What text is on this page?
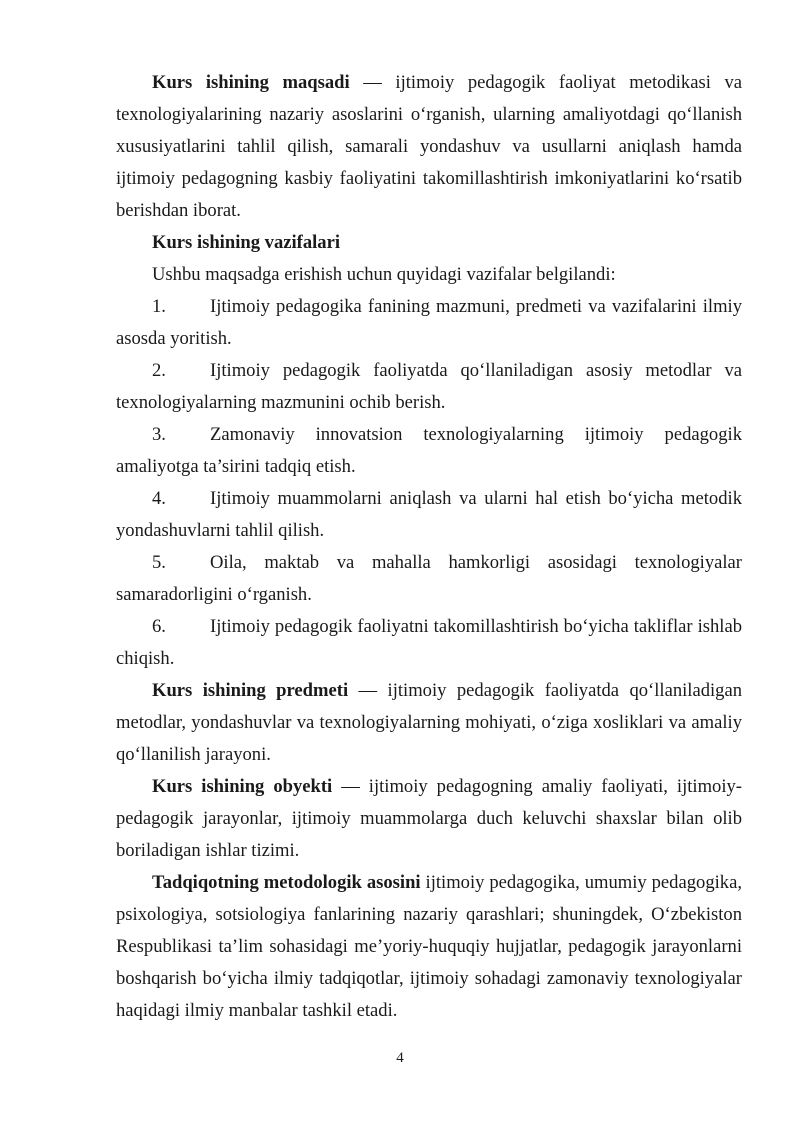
Kurs ishining maqsadi — ijtimoiy pedagogik faoliyat metodikasi va texnologiyalarining nazariy asoslarini o‘rganish, ularning amaliyotdagi qo‘llanish xususiyatlarini tahlil qilish, samarali yondashuv va usullarni aniqlash hamda ijtimoiy pedagogning kasbiy faoliyatini takomillashtirish imkoniyatlarini ko‘rsatib berishdan iborat.

Kurs ishining vazifalari

Ushbu maqsadga erishish uchun quyidagi vazifalar belgilandi:

1. Ijtimoiy pedagogika fanining mazmuni, predmeti va vazifalarini ilmiy asosda yoritish.

2. Ijtimoiy pedagogik faoliyatda qo‘llaniladigan asosiy metodlar va texnologiyalarning mazmunini ochib berish.

3. Zamonaviy innovatsion texnologiyalarning ijtimoiy pedagogik amaliyotga ta’sirini tadqiq etish.

4. Ijtimoiy muammolarni aniqlash va ularni hal etish bo‘yicha metodik yondashuvlarni tahlil qilish.

5. Oila, maktab va mahalla hamkorligi asosidagi texnologiyalar samaradorligini o‘rganish.

6. Ijtimoiy pedagogik faoliyatni takomillashtirish bo‘yicha takliflar ishlab chiqish.

Kurs ishining predmeti — ijtimoiy pedagogik faoliyatda qo‘llaniladigan metodlar, yondashuvlar va texnologiyalarning mohiyati, o‘ziga xosliklari va amaliy qo‘llanilish jarayoni.

Kurs ishining obyekti — ijtimoiy pedagogning amaliy faoliyati, ijtimoiy-pedagogik jarayonlar, ijtimoiy muammolarga duch keluvchi shaxslar bilan olib boriladigan ishlar tizimi.

Tadqiqotning metodologik asosini ijtimoiy pedagogika, umumiy pedagogika, psixologiya, sotsiologiya fanlarining nazariy qarashlari; shuningdek, O‘zbekiston Respublikasi ta’lim sohasidagi me’yoriy-huquqiy hujjatlar, pedagogik jarayonlarni boshqarish bo‘yicha ilmiy tadqiqotlar, ijtimoiy sohadagi zamonaviy texnologiyalar haqidagi ilmiy manbalar tashkil etadi.

4
